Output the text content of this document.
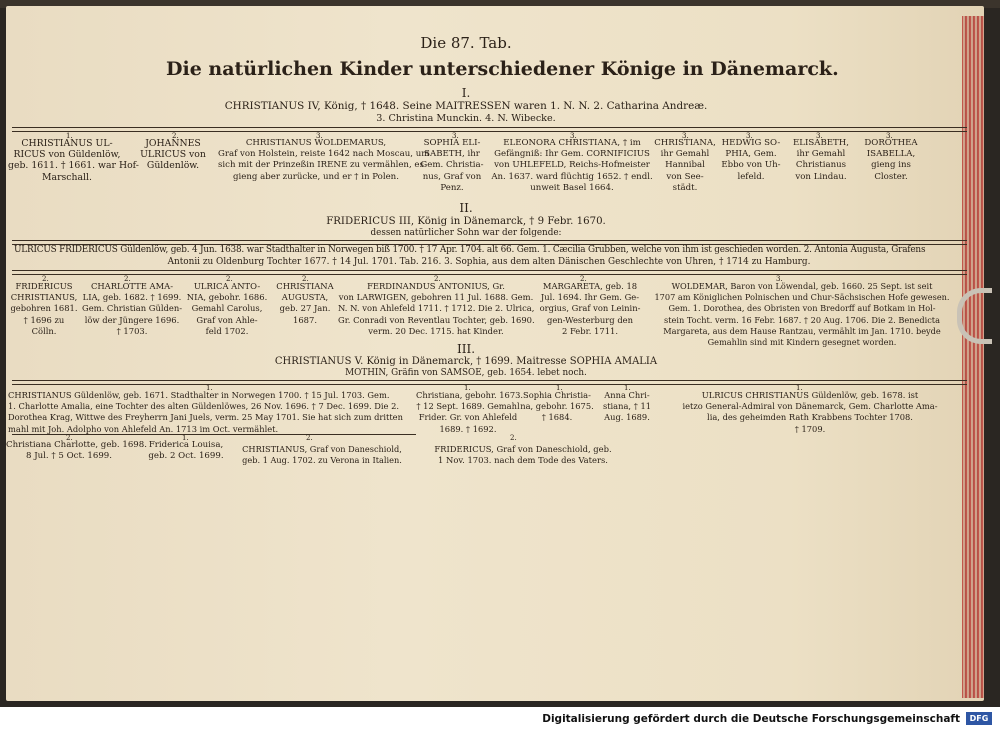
Die 87. Tab.
Die natürlichen Kinder unterschiedener Könige in Dänemarck.
I.
CHRISTIANUS IV, König, † 1648. Seine MAITRESSEN waren 1. N. N. 2. Catharina Andreæ.
3. Christina Munckin. 4. N. Wibecke.
1.
CHRISTIANUS UL-
RICUS von Güldenlöw,
geb. 1611. † 1661. war Hof-
Marschall.
2.
JOHANNES
ULRICUS von
Güldenlöw.
3.
CHRISTIANUS WOLDEMARUS,
Graf von Holstein, reiste 1642 nach Moscau, um
sich mit der Prinzeßin IRENE zu vermählen, es
gieng aber zurücke, und er † in Polen.
3.
SOPHIA ELI-
SABETH, ihr
Gem. Christia-
nus, Graf von
Penz.
3.
ELEONORA CHRISTIANA, † im
Gefängniß: Ihr Gem. CORNIFICIUS
von UHLEFELD, Reichs-Hofmeister
An. 1637. ward flüchtig 1652. † endl.
unweit Basel 1664.
3.
CHRISTIANA,
ihr Gemahl
Hannibal
von See-
städt.
3.
HEDWIG SO-
PHIA, Gem.
Ebbo von Uh-
lefeld.
3.
ELISABETH,
ihr Gemahl
Christianus
von Lindau.
3.
DOROTHEA
ISABELLA,
gieng ins
Closter.
II.
FRIDERICUS III, König in Dänemarck, † 9 Febr. 1670.
dessen natürlicher Sohn war der folgende:
ULRICUS FRIDERICUS Güldenlöw, geb. 4 Jun. 1638. war Stadthalter in Norwegen biß 1700. † 17 Apr. 1704. alt 66. Gem. 1. Cæcilia Grubben, welche von ihm ist geschieden worden. 2. Antonia Augusta, Grafens
Antonii zu Oldenburg Tochter 1677. † 14 Jul. 1701. Tab. 216. 3. Sophia, aus dem alten Dänischen Geschlechte von Uhren, † 1714 zu Hamburg.
2.
FRIDERICUS
CHRISTIANUS,
gebohren 1681.
† 1696 zu
Cölln.
2.
CHARLOTTE AMA-
LIA, geb. 1682. † 1699.
Gem. Christian Gülden-
löw der Jüngere 1696.
† 1703.
2.
ULRICA ANTO-
NIA, gebohr. 1686.
Gemahl Carolus,
Graf von Ahle-
feld 1702.
2.
CHRISTIANA
AUGUSTA,
geb. 27 Jan.
1687.
2.
FERDINANDUS ANTONIUS, Gr.
von LARWIGEN, gebohren 11 Jul. 1688. Gem.
N. N. von Ahlefeld 1711. † 1712. Die 2. Ulrica,
Gr. Conradi von Reventlau Tochter, geb. 1690.
verm. 20 Dec. 1715. hat Kinder.
2.
MARGARETA, geb. 18
Jul. 1694. Ihr Gem. Ge-
orgius, Graf von Leinin-
gen-Westerburg den
2 Febr. 1711.
3.
WOLDEMAR, Baron von Löwendal, geb. 1660. 25 Sept. ist seit
1707 am Königlichen Polnischen und Chur-Sächsischen Hofe gewesen.
Gem. 1. Dorothea, des Obristen von Bredorff auf Botkam in Hol-
stein Tocht. verm. 16 Febr. 1687. † 20 Aug. 1706. Die 2. Benedicta
Margareta, aus dem Hause Rantzau, vermählt im Jan. 1710. beyde
Gemahlin sind mit Kindern gesegnet worden.
III.
CHRISTIANUS V. König in Dänemarck, † 1699. Maitresse SOPHIA AMALIA
MOTHIN, Gräfin von SAMSOE, geb. 1654. lebet noch.
1.
CHRISTIANUS Güldenlöw, geb. 1671. Stadthalter in Norwegen 1700. † 15 Jul. 1703. Gem.
1. Charlotte Amalia, eine Tochter des alten Güldenlöwes, 26 Nov. 1696. † 7 Dec. 1699. Die 2.
Dorothea Krag, Wittwe des Freyherrn Jani Juels, verm. 25 May 1701. Sie hat sich zum dritten
mahl mit Joh. Adolpho von Ahlefeld An. 1713 im Oct. vermählet.
1.
Christiana, gebohr. 1673.
† 12 Sept. 1689. Gemahl
Frider. Gr. von Ahlefeld
1689. † 1692.
1.
Sophia Christia-
na, gebohr. 1675.
† 1684.
1.
Anna Chri-
stiana, † 11
Aug. 1689.
1.
ULRICUS CHRISTIANUS Güldenlöw, geb. 1678. ist
ietzo General-Admiral von Dänemarck, Gem. Charlotte Ama-
lia, des geheimden Rath Krabbens Tochter 1708.
† 1709.
2.
Christiana Charlotte, geb. 1698.
8 Jul. † 5 Oct. 1699.
1.
Friderica Louisa,
geb. 2 Oct. 1699.
2.
CHRISTIANUS, Graf von Daneschiold,
geb. 1 Aug. 1702. zu Verona in Italien.
2.
FRIDERICUS, Graf von Daneschiold, geb.
1 Nov. 1703. nach dem Tode des Vaters.
Digitalisierung gefördert durch die Deutsche Forschungsgemeinschaft	DFG
